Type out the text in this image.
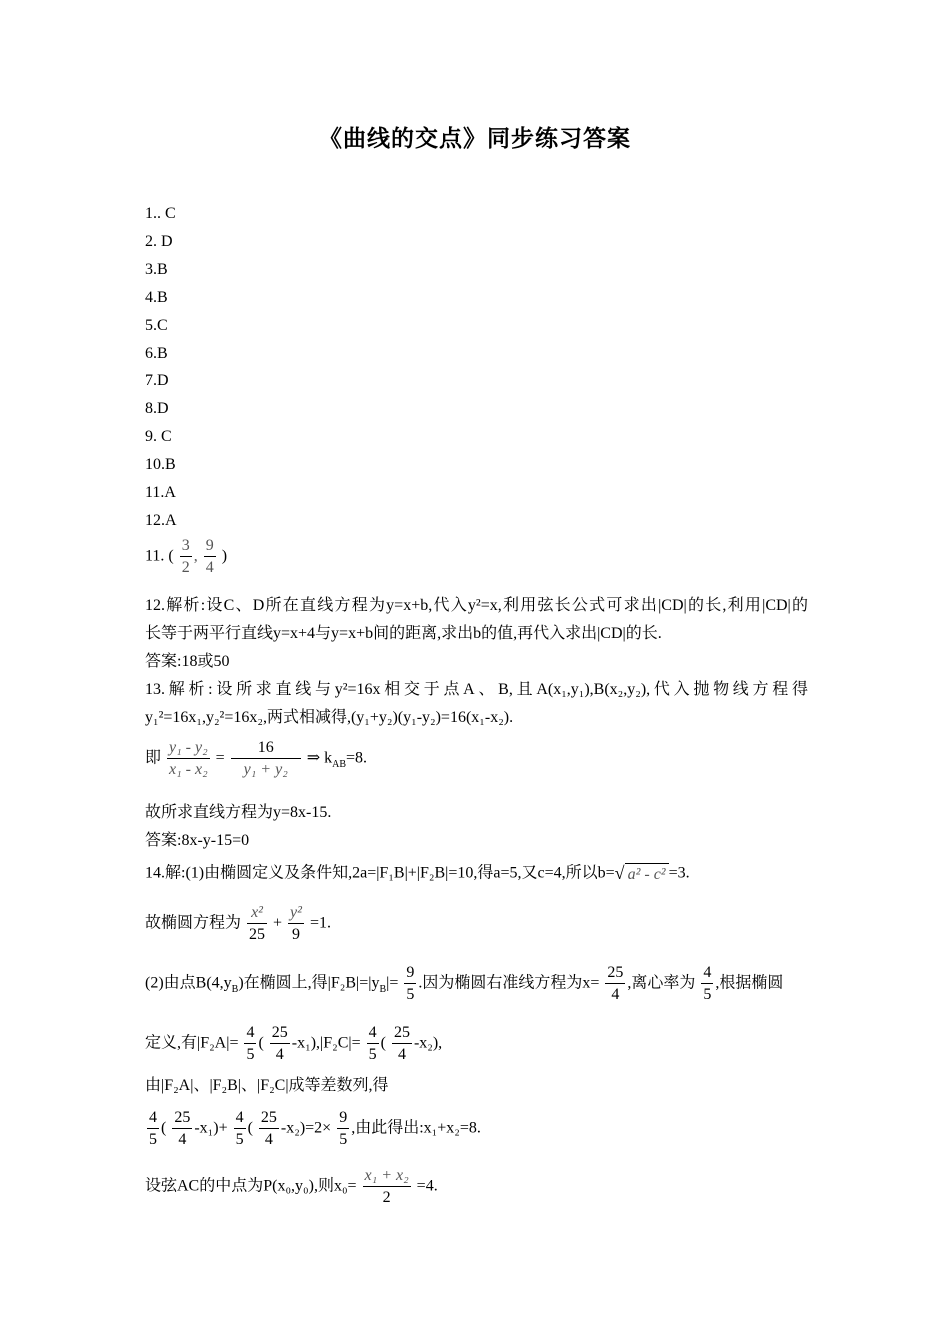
《曲线的交点》同步练习答案
1.. C
2. D
3.B
4.B
5.C
6.B
7.D
8.D
9. C
10.B
11.A
12.A
11. ( $\frac{3}{2}$ , $\frac{9}{4}$ )
12.解析:设C、D所在直线方程为y=x+b,代入y²=x,利用弦长公式可求出|CD|的长,利用|CD|的
长等于两平行直线y=x+4与y=x+b间的距离,求出b的值,再代入求出|CD|的长.
答案:18或50
13.解析:设所求直线与y²=16x相交于点A、B,且A(x₁,y₁),B(x₂,y₂),代入抛物线方程得
y₁²=16x₁,y₂²=16x₂,两式相减得,(y₁+y₂)(y₁-y₂)=16(x₁-x₂).
即 $\frac{\text{y₁ - y₂}}{\text{x₁ - x₂}} = \frac{16}{\text{y₁ + y₂}}$ ⇒ $k_{AB}=8$.
故所求直线方程为y=8x-15.
答案:8x-y-15=0
14.解:(1)由椭圆定义及条件知,2a=|F₁B|+|F₂B|=10,得a=5,又c=4,所以b=√ a² - c² =3.
故椭圆方程为 $\frac{\text{x²}}{25} + \frac{\text{y²}}{9} =1$.
(2)由点$B(4,y_B)$在椭圆上,得$|F_2B|=|y_B|= \frac{9}{5}$ .因为椭圆右准线方程为$x= \frac{25}{4}$ ,离心率为 $\frac{4}{5}$ ,根据椭圆
定义,有$|F_2A|= \frac{4}{5}$ ( $\frac{25}{4} -x_1),|F_2C|= \frac{4}{5}$ ( $\frac{25}{4} -x_2$),
由|F₂A|、|F₂B|、|F₂C|成等差数列,得
$\frac{4}{5}$ ( $\frac{25}{4} -x_1)+ \frac{4}{5}$ ( $\frac{25}{4} -x_2)=2\times \frac{9}{5}$ ,由此得出:x₁+x₂=8.
设弦AC的中点为P(x₀,y₀),则$x_0= \frac{\text{x₁ + x₂}}{2} =4$.
